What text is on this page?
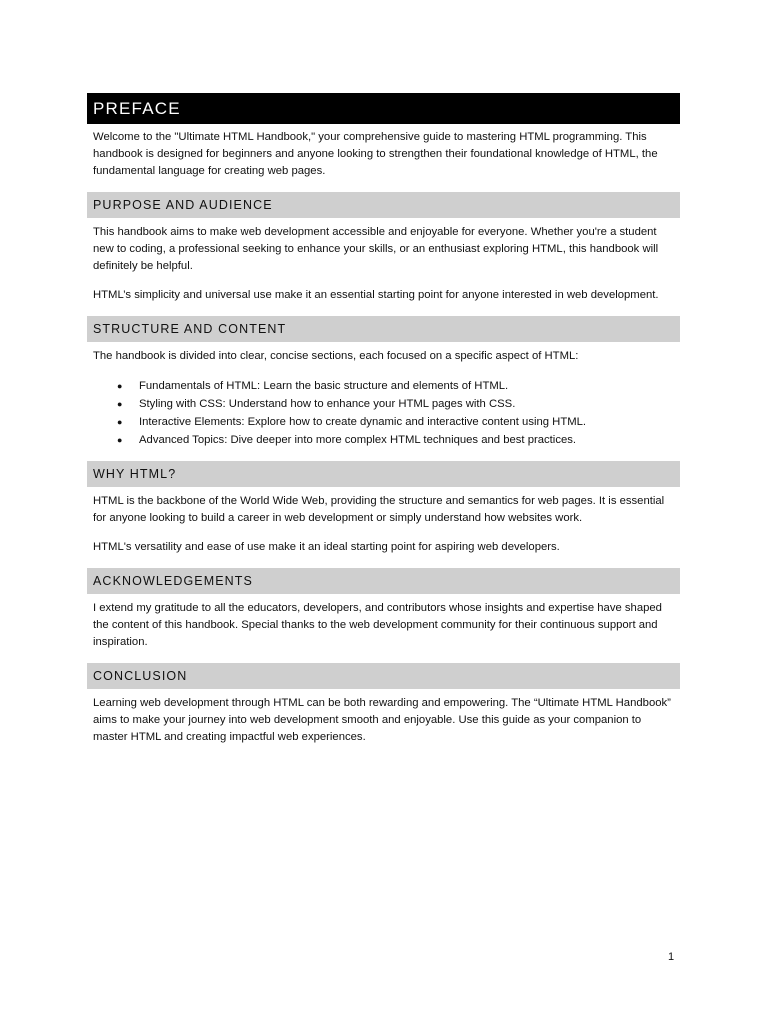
PREFACE

Welcome to the "Ultimate HTML Handbook," your comprehensive guide to mastering HTML programming. This handbook is designed for beginners and anyone looking to strengthen their foundational knowledge of HTML, the fundamental language for creating web pages.

PURPOSE AND AUDIENCE

This handbook aims to make web development accessible and enjoyable for everyone. Whether you're a student new to coding, a professional seeking to enhance your skills, or an enthusiast exploring HTML, this handbook will definitely be helpful.

HTML’s simplicity and universal use make it an essential starting point for anyone interested in web development.

STRUCTURE AND CONTENT

The handbook is divided into clear, concise sections, each focused on a specific aspect of HTML:

● Fundamentals of HTML: Learn the basic structure and elements of HTML.
● Styling with CSS: Understand how to enhance your HTML pages with CSS.
● Interactive Elements: Explore how to create dynamic and interactive content using HTML.
● Advanced Topics: Dive deeper into more complex HTML techniques and best practices.
WHY HTML?

HTML is the backbone of the World Wide Web, providing the structure and semantics for web pages. It is essential for anyone looking to build a career in web development or simply understand how websites work.

HTML's versatility and ease of use make it an ideal starting point for aspiring web developers.

ACKNOWLEDGEMENTS

I extend my gratitude to all the educators, developers, and contributors whose insights and expertise have shaped the content of this handbook. Special thanks to the web development community for their continuous support and inspiration.

CONCLUSION

Learning web development through HTML can be both rewarding and empowering. The “Ultimate HTML Handbook” aims to make your journey into web development smooth and enjoyable. Use this guide as your companion to master HTML and creating impactful web experiences.

1
